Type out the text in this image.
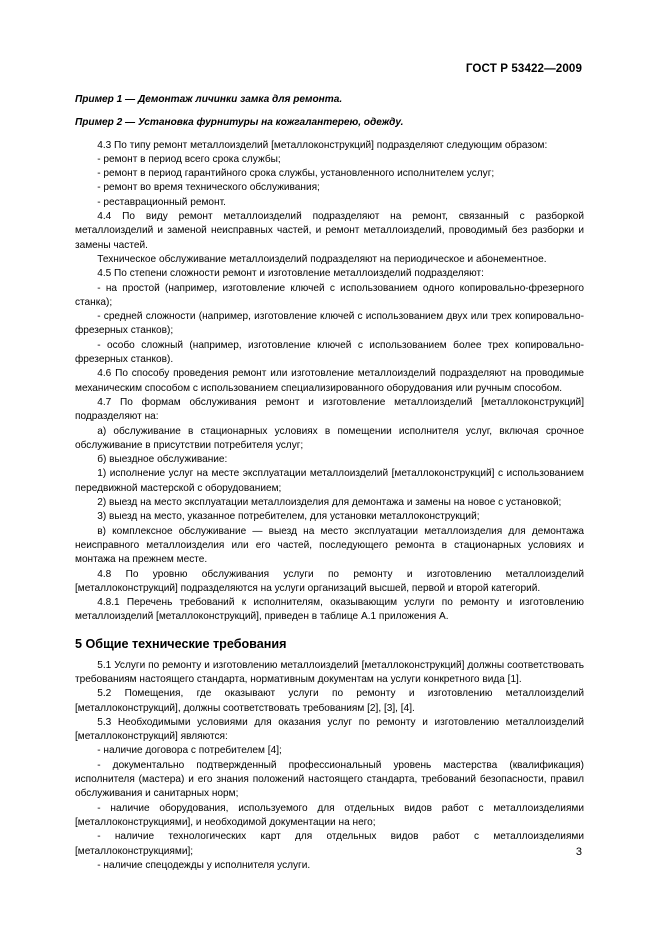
ГОСТ Р 53422—2009

Пример 1 — Демонтаж личинки замка для ремонта.

Пример 2 — Установка фурнитуры на кожгалантерею, одежду.

4.3 По типу ремонт металлоизделий [металлоконструкций] подразделяют следующим образом:

- ремонт в период всего срока службы;

- ремонт в период гарантийного срока службы, установленного исполнителем услуг;

- ремонт во время технического обслуживания;

- реставрационный ремонт.

4.4 По виду ремонт металлоизделий подразделяют на ремонт, связанный с разборкой металлоизделий и заменой неисправных частей, и ремонт металлоизделий, проводимый без разборки и замены частей.

Техническое обслуживание металлоизделий подразделяют на периодическое и абонементное.

4.5 По степени сложности ремонт и изготовление металлоизделий подразделяют:

- на простой (например, изготовление ключей с использованием одного копировально-фрезерного станка);

- средней сложности (например, изготовление ключей с использованием двух или трех копировально-фрезерных станков);

- особо сложный (например, изготовление ключей с использованием более трех копировально-фрезерных станков).

4.6 По способу проведения ремонт или изготовление металлоизделий подразделяют на проводимые механическим способом с использованием специализированного оборудования или ручным способом.

4.7 По формам обслуживания ремонт и изготовление металлоизделий [металлоконструкций] подразделяют на:

а) обслуживание в стационарных условиях в помещении исполнителя услуг, включая срочное обслуживание в присутствии потребителя услуг;

б) выездное обслуживание:

1) исполнение услуг на месте эксплуатации металлоизделий [металлоконструкций] с использованием передвижной мастерской с оборудованием;

2) выезд на место эксплуатации металлоизделия для демонтажа и замены на новое с установкой;

3) выезд на место, указанное потребителем, для установки металлоконструкций;

в) комплексное обслуживание — выезд на место эксплуатации металлоизделия для демонтажа неисправного металлоизделия или его частей, последующего ремонта в стационарных условиях и монтажа на прежнем месте.

4.8 По уровню обслуживания услуги по ремонту и изготовлению металлоизделий [металлоконструкций] подразделяются на услуги организаций высшей, первой и второй категорий.

4.8.1 Перечень требований к исполнителям, оказывающим услуги по ремонту и изготовлению металлоизделий [металлоконструкций], приведен в таблице А.1 приложения А.

5 Общие технические требования

5.1 Услуги по ремонту и изготовлению металлоизделий [металлоконструкций] должны соответствовать требованиям настоящего стандарта, нормативным документам на услуги конкретного вида [1].

5.2 Помещения, где оказывают услуги по ремонту и изготовлению металлоизделий [металлоконструкций], должны соответствовать требованиям [2], [3], [4].

5.3 Необходимыми условиями для оказания услуг по ремонту и изготовлению металлоизделий [металлоконструкций] являются:

- наличие договора с потребителем [4];

- документально подтвержденный профессиональный уровень мастерства (квалификация) исполнителя (мастера) и его знания положений настоящего стандарта, требований безопасности, правил обслуживания и санитарных норм;

- наличие оборудования, используемого для отдельных видов работ с металлоизделиями [металлоконструкциями], и необходимой документации на него;

- наличие технологических карт для отдельных видов работ с металлоизделиями [металлоконструкциями];

- наличие спецодежды у исполнителя услуги.

3
